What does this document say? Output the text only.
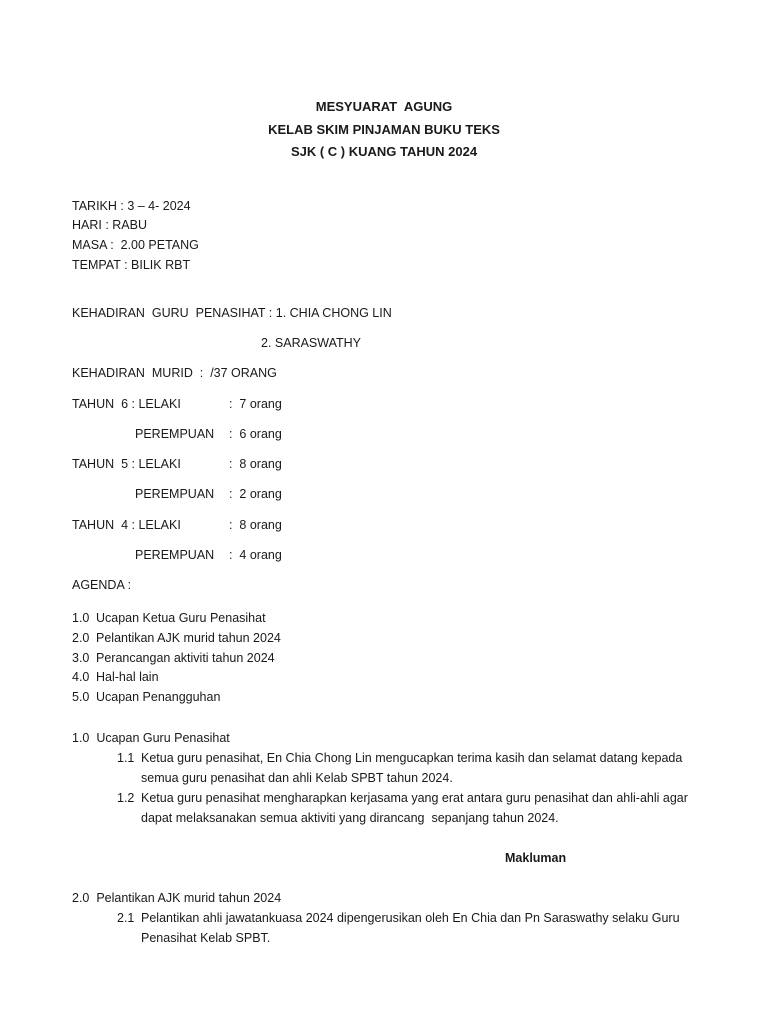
MESYUARAT  AGUNG
KELAB SKIM PINJAMAN BUKU TEKS
SJK ( C ) KUANG TAHUN 2024
TARIKH : 3 – 4- 2024
HARI : RABU
MASA :  2.00 PETANG
TEMPAT : BILIK RBT
KEHADIRAN  GURU  PENASIHAT : 1. CHIA CHONG LIN
2. SARASWATHY
KEHADIRAN  MURID  :  /37 ORANG
TAHUN  6 : LELAKI	:  7 orang
PEREMPUAN :  6 orang
TAHUN  5 : LELAKI	:  8 orang
PEREMPUAN :  2 orang
TAHUN  4 : LELAKI	:  8 orang
PEREMPUAN :  4 orang
AGENDA :
1.0 Ucapan Ketua Guru Penasihat
2.0 Pelantikan AJK murid tahun 2024
3.0 Perancangan aktiviti tahun 2024
4.0 Hal-hal lain
5.0 Ucapan Penangguhan
1.0  Ucapan Guru Penasihat
1.1 Ketua guru penasihat, En Chia Chong Lin mengucapkan terima kasih dan selamat datang kepada
semua guru penasihat dan ahli Kelab SPBT tahun 2024.
1.2 Ketua guru penasihat mengharapkan kerjasama yang erat antara guru penasihat dan ahli-ahli agar
dapat melaksanakan semua aktiviti yang dirancang  sepanjang tahun 2024.
Makluman
2.0  Pelantikan AJK murid tahun 2024
2.1 Pelantikan ahli jawatankuasa 2024 dipengerusikan oleh En Chia dan Pn Saraswathy selaku Guru
Penasihat Kelab SPBT.
